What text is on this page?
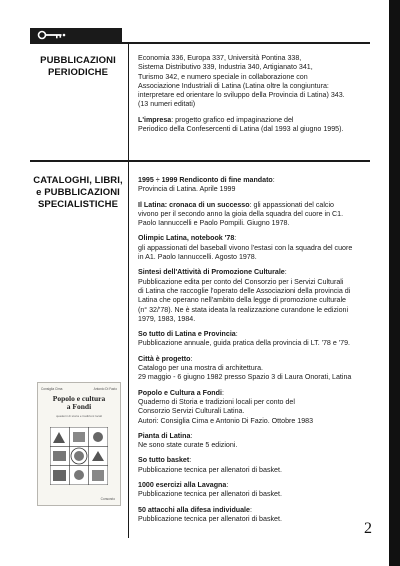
PUBBLICAZIONI
PERIODICHE

Economia 336, Europa 337, Università Pontina 338,
Sistema Distributivo 339, Industria 340, Artigianato 341,
Turismo 342, e numero speciale in collaborazione con
Associazione Industriali di Latina (Latina oltre la congiuntura:
interpretare ed orientare lo sviluppo della Provincia di Latina) 343.
(13 numeri editati)

L'impresa: progetto grafico ed impaginazione del
Periodico della Confesercenti di Latina (dal 1993 al giugno 1995).

CATALOGHI, LIBRI,
e PUBBLICAZIONI
SPECIALISTICHE

1995 ÷ 1999 Rendiconto di fine mandato:
Provincia di Latina. Aprile 1999

Il Latina: cronaca di un successo: gli appassionati del calcio
vivono per il secondo anno la gioia della squadra del cuore in C1.
Paolo Iannuccelli e Paolo Pompili. Giugno 1978.

Olimpic Latina, notebook '78:
gli appassionati del baseball vivono l'estasi con la squadra del cuore
in A1. Paolo Iannuccelli. Agosto 1978.

Sintesi dell'Attività di Promozione Culturale:
Pubblicazione edita per conto del Consorzio per i Servizi Culturali
di Latina che raccoglie l'operato delle Associazioni della provincia di
Latina che operano nell'ambito della legge di promozione culturale
(n° 32/'78). Ne è stata ideata la realizzazione curandone le edizioni
1979, 1983, 1984.

So tutto di Latina e Provincia:
Pubblicazione annuale, guida pratica della provincia di LT. '78 e '79.

Città è progetto:
Catalogo per una mostra di architettura.
29 maggio - 6 giugno 1982 presso Spazio 3 di Laura Onorati, Latina

Popolo e Cultura a Fondi:
Quaderno di Storia e tradizioni locali per conto del
Consorzio Servizi Culturali Latina.
Autori: Consiglia Cima e Antonio Di Fazio. Ottobre 1983

Pianta di Latina:
Ne sono state curate 5 edizioni.

So tutto basket:
Pubblicazione tecnica per allenatori di basket.

1000 esercizi alla Lavagna:
Pubblicazione tecnica per allenatori di basket.

50 attacchi alla difesa individuale:
Pubblicazione tecnica per allenatori di basket.

Consiglia Cima	Antonio Di Fazio
Popolo e cultura
a Fondi
quaderni di storia e tradizioni locali
Consorzio
2
